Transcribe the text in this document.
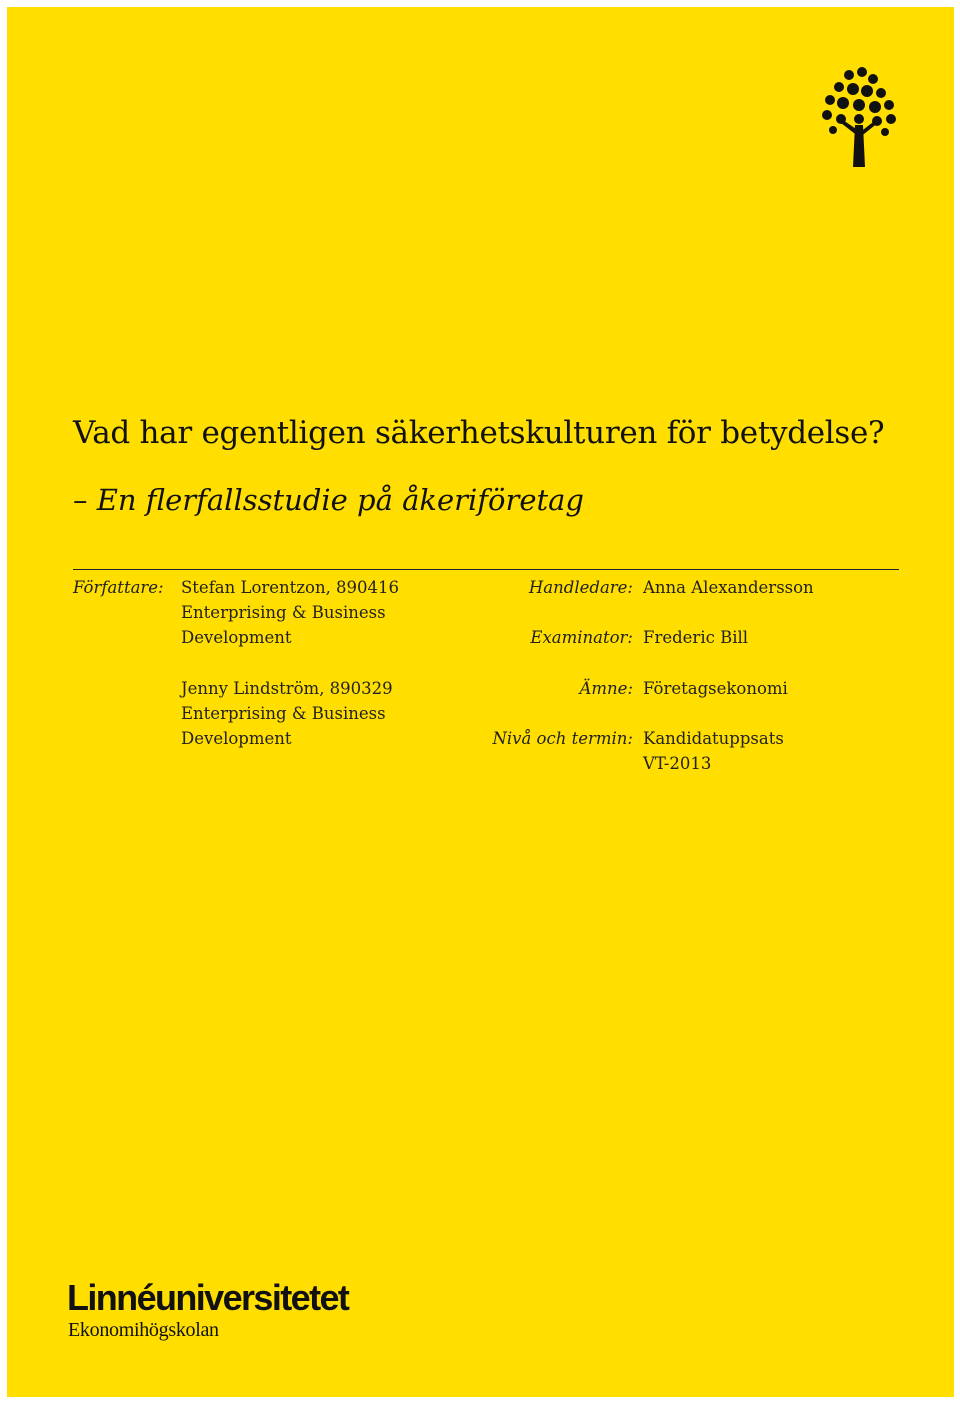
Vad har egentligen säkerhetskulturen för betydelse?
– En flerfallsstudie på åkeriföretag
Författare: Stefan Lorentzon, 890416
Enterprising & Business
Development
Jenny Lindström, 890329
Enterprising & Business
Development
Handledare: Anna Alexandersson
Examinator: Frederic Bill
Ämne: Företagsekonomi
Nivå och termin: Kandidatuppsats
VT-2013
Linnéuniversitetet
Ekonomihögskolan
